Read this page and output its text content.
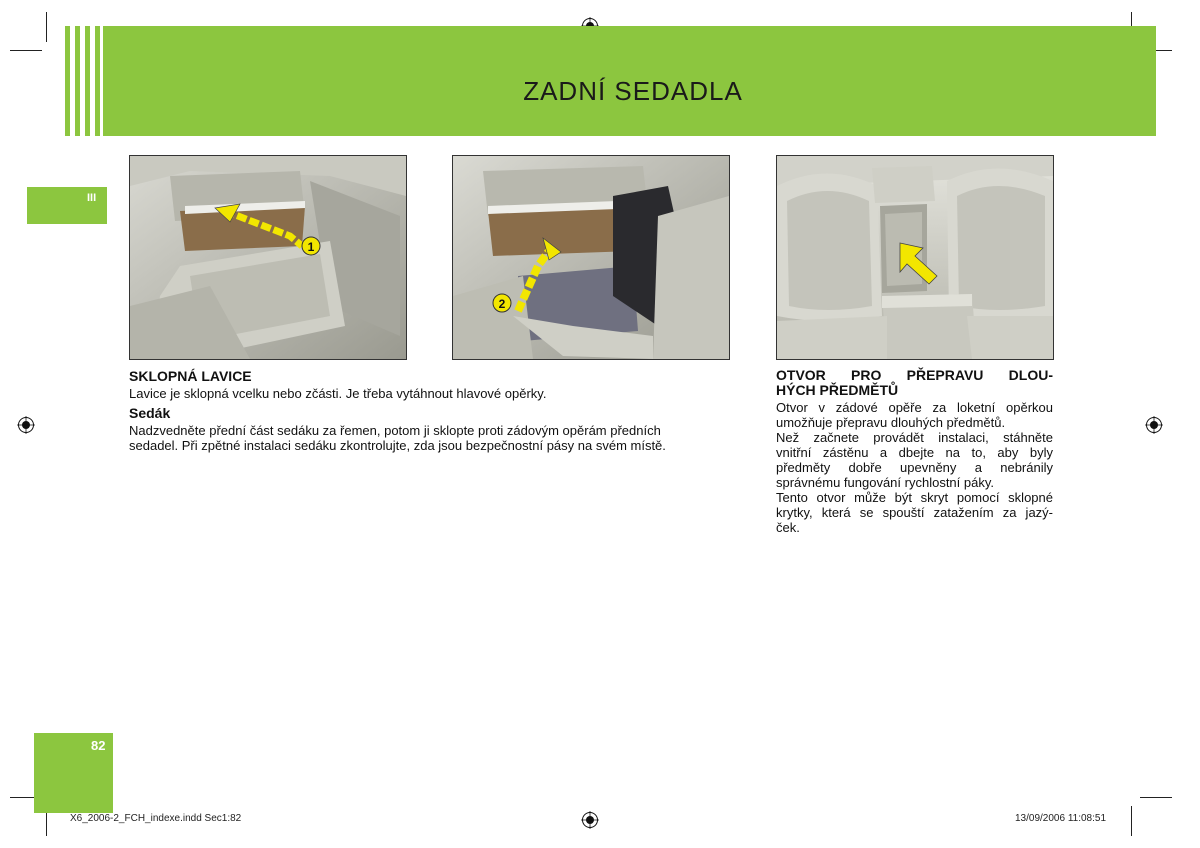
ZADNÍ SEDADLA
III
1
2
SKLOPNÁ LAVICE
Lavice je sklopná vcelku nebo zčásti. Je třeba vytáhnout hlavové opěrky.
Sedák
Nadzvedněte přední část sedáku za řemen, potom ji sklopte proti zádovým opěrám předních
sedadel. Při zpětné instalaci sedáku zkontrolujte, zda jsou bezpečnostní pásy na svém místě.
OTVOR PRO PŘEPRAVU DLOU-
HÝCH PŘEDMĚTŮ
Otvor v zádové opěře za loketní opěrkou
umožňuje přepravu dlouhých předmětů.
Než začnete provádět instalaci, stáhněte
vnitřní zástěnu a dbejte na to, aby byly
předměty dobře upevněny a nebránily
správnému fungování rychlostní páky.
Tento otvor může být skryt pomocí sklopné
krytky, která se spouští zatažením za jazý-
ček.
82
X6_2006-2_FCH_indexe.indd Sec1:82	13/09/2006 11:08:51
